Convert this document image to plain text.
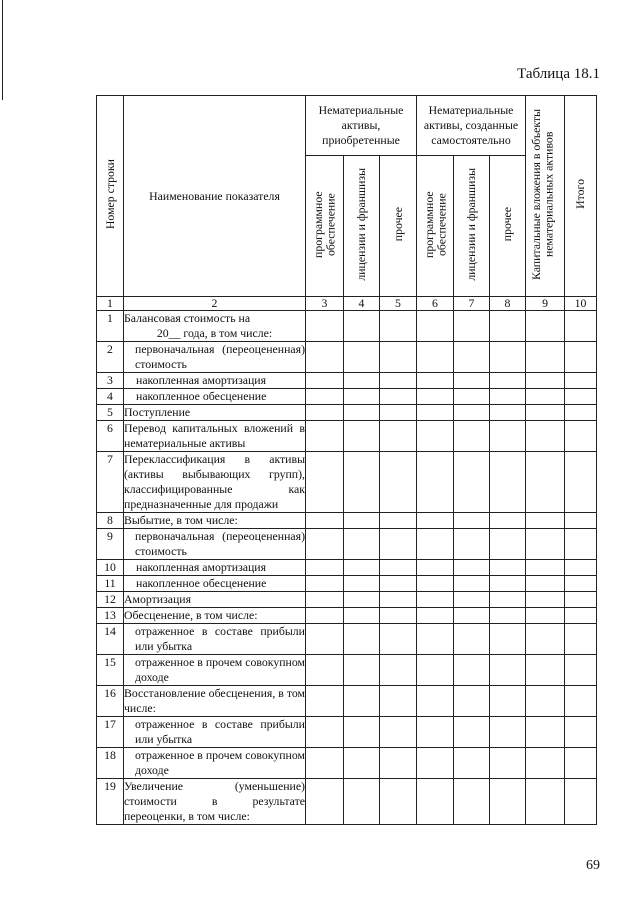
Таблица 18.1
Номер строки	Наименование показателя	Нематериальные активы, приобретенные			Нематериальные активы, созданные самостоятельно			Капитальные вложения в объекты нематериальных активов	Итого
		программное обеспечение	лицензии и франшизы	прочее	программное обеспечение	лицензии и франшизы	прочее		
1	2	3	4	5	6	7	8	9	10
1	Балансовая стоимость на
20__ года, в том числе:								

2	первоначальная (переоцененная) стоимость								
3	накопленная амортизация								
4	накопленное обесценение								
5	Поступление								
6	Перевод капитальных вложений в нематериальные активы								
7	Переклассификация в активы (активы выбывающих групп), классифицированные как предназначенные для продажи								
8	Выбытие, в том числе:								
9	первоначальная (переоцененная) стоимость								
10	накопленная амортизация								
11	накопленное обесценение								
12	Амортизация								
13	Обесценение, в том числе:								
14	отраженное в составе прибыли или убытка								
15	отраженное в прочем совокупном доходе								
16	Восстановление обесценения, в том числе:								
17	отраженное в составе прибыли или убытка								
18	отраженное в прочем совокупном доходе								
19	Увеличение (уменьшение) стоимости в результате переоценки, в том числе:								
69
